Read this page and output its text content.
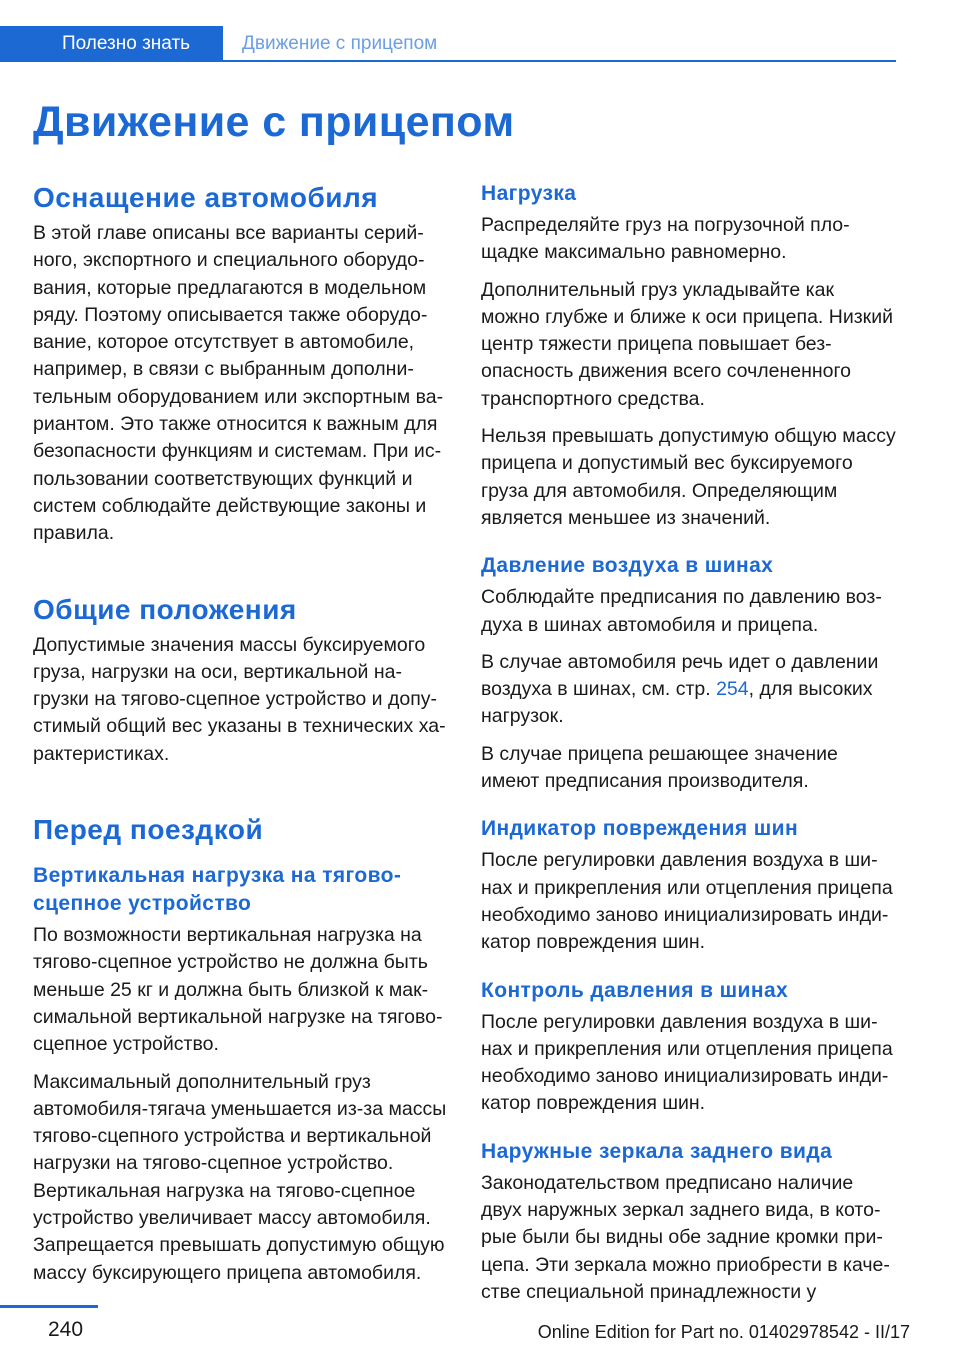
Полезно знать	Движение с прицепом
Движение с прицепом
Оснащение автомобиля

В этой главе описаны все варианты серийного, экспортного и специального оборудования, которые предлагаются в модельном ряду. Поэтому описывается также оборудование, которое отсутствует в автомобиле, например, в связи с выбранным дополнительным оборудованием или экспортным вариантом. Это также относится к важным для безопасности функциям и системам. При использовании соответствующих функций и систем соблюдайте действующие законы и правила.

Общие положения

Допустимые значения массы буксируемого груза, нагрузки на оси, вертикальной нагрузки на тягово-сцепное устройство и допустимый общий вес указаны в технических характеристиках.

Перед поездкой
Вертикальная нагрузка на тягово-сцепное устройство

По возможности вертикальная нагрузка на тягово-сцепное устройство не должна быть меньше 25 кг и должна быть близкой к максимальной вертикальной нагрузке на тягово-сцепное устройство.

Максимальный дополнительный груз автомобиля-тягача уменьшается из-за массы тягово-сцепного устройства и вертикальной нагрузки на тягово-сцепное устройство. Вертикальная нагрузка на тягово-сцепное устройство увеличивает массу автомобиля. Запрещается превышать допустимую общую массу буксирующего прицепа автомобиля.

Нагрузка

Распределяйте груз на погрузочной площадке максимально равномерно.

Дополнительный груз укладывайте как можно глубже и ближе к оси прицепа. Низкий центр тяжести прицепа повышает безопасность движения всего сочлененного транспортного средства.

Нельзя превышать допустимую общую массу прицепа и допустимый вес буксируемого груза для автомобиля. Определяющим является меньшее из значений.

Давление воздуха в шинах

Соблюдайте предписания по давлению воздуха в шинах автомобиля и прицепа.

В случае автомобиля речь идет о давлении воздуха в шинах, см. стр. 254, для высоких нагрузок.

В случае прицепа решающее значение имеют предписания производителя.

Индикатор повреждения шин

После регулировки давления воздуха в шинах и прикрепления или отцепления прицепа необходимо заново инициализировать индикатор повреждения шин.

Контроль давления в шинах

После регулировки давления воздуха в шинах и прикрепления или отцепления прицепа необходимо заново инициализировать индикатор повреждения шин.

Наружные зеркала заднего вида

Законодательством предписано наличие двух наружных зеркал заднего вида, в которые были бы видны обе задние кромки прицепа. Эти зеркала можно приобрести в качестве специальной принадлежности у

240	Online Edition for Part no. 01402978542 - II/17
